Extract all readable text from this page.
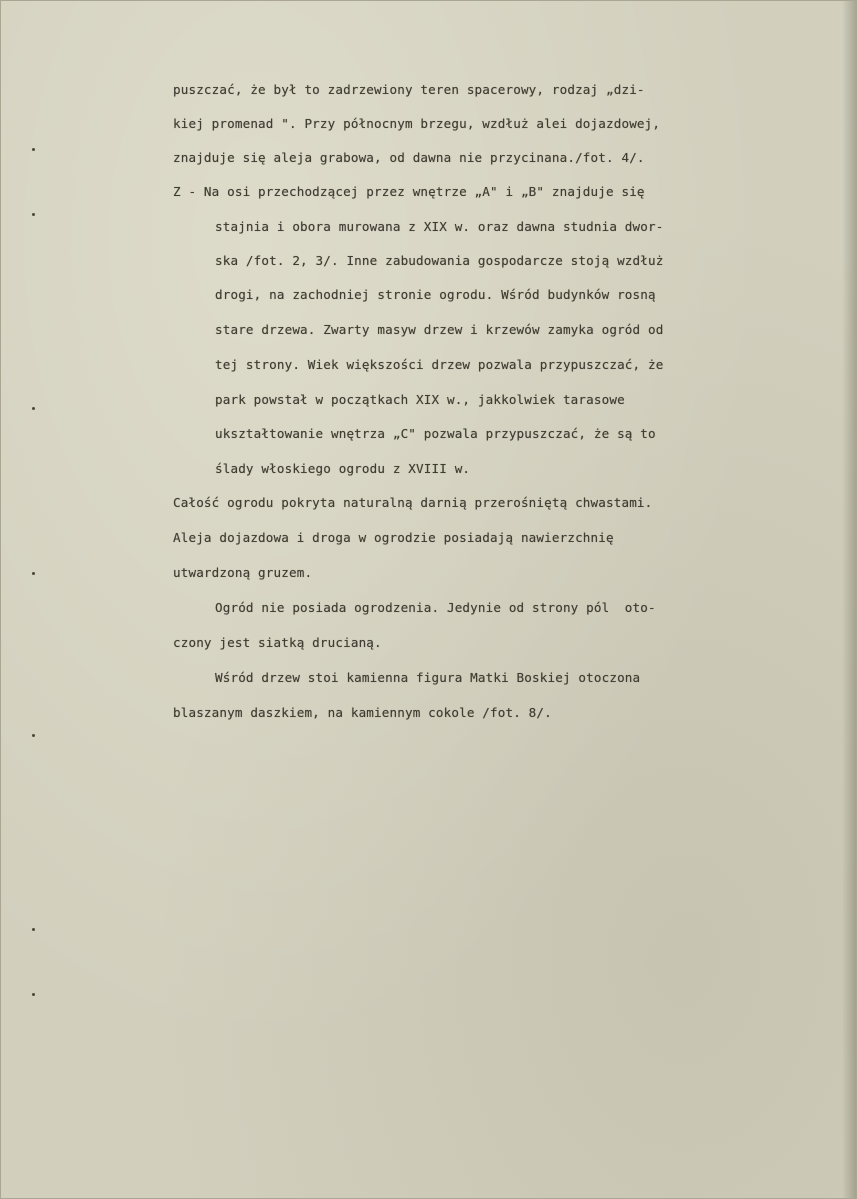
puszczać, że był to zadrzewiony teren spacerowy, rodzaj „dzi-
kiej promenad ". Przy północnym brzegu, wzdłuż alei dojazdowej,
znajduje się aleja grabowa, od dawna nie przycinana./fot. 4/.
Z - Na osi przechodzącej przez wnętrze „A" i „B" znajduje się
stajnia i obora murowana z XIX w. oraz dawna studnia dwor-
ska /fot. 2, 3/. Inne zabudowania gospodarcze stoją wzdłuż
drogi, na zachodniej stronie ogrodu. Wśród budynków rosną
stare drzewa. Zwarty masyw drzew i krzewów zamyka ogród od
tej strony. Wiek większości drzew pozwala przypuszczać, że
park powstał w początkach XIX w., jakkolwiek tarasowe
ukształtowanie wnętrza „C" pozwala przypuszczać, że są to
ślady włoskiego ogrodu z XVIII w.
Całość ogrodu pokryta naturalną darnią przerośniętą chwastami.
Aleja dojazdowa i droga w ogrodzie posiadają nawierzchnię
utwardzoną gruzem.
Ogród nie posiada ogrodzenia. Jedynie od strony pól  oto-
czony jest siatką drucianą.
Wśród drzew stoi kamienna figura Matki Boskiej otoczona
blaszanym daszkiem, na kamiennym cokole /fot. 8/.
